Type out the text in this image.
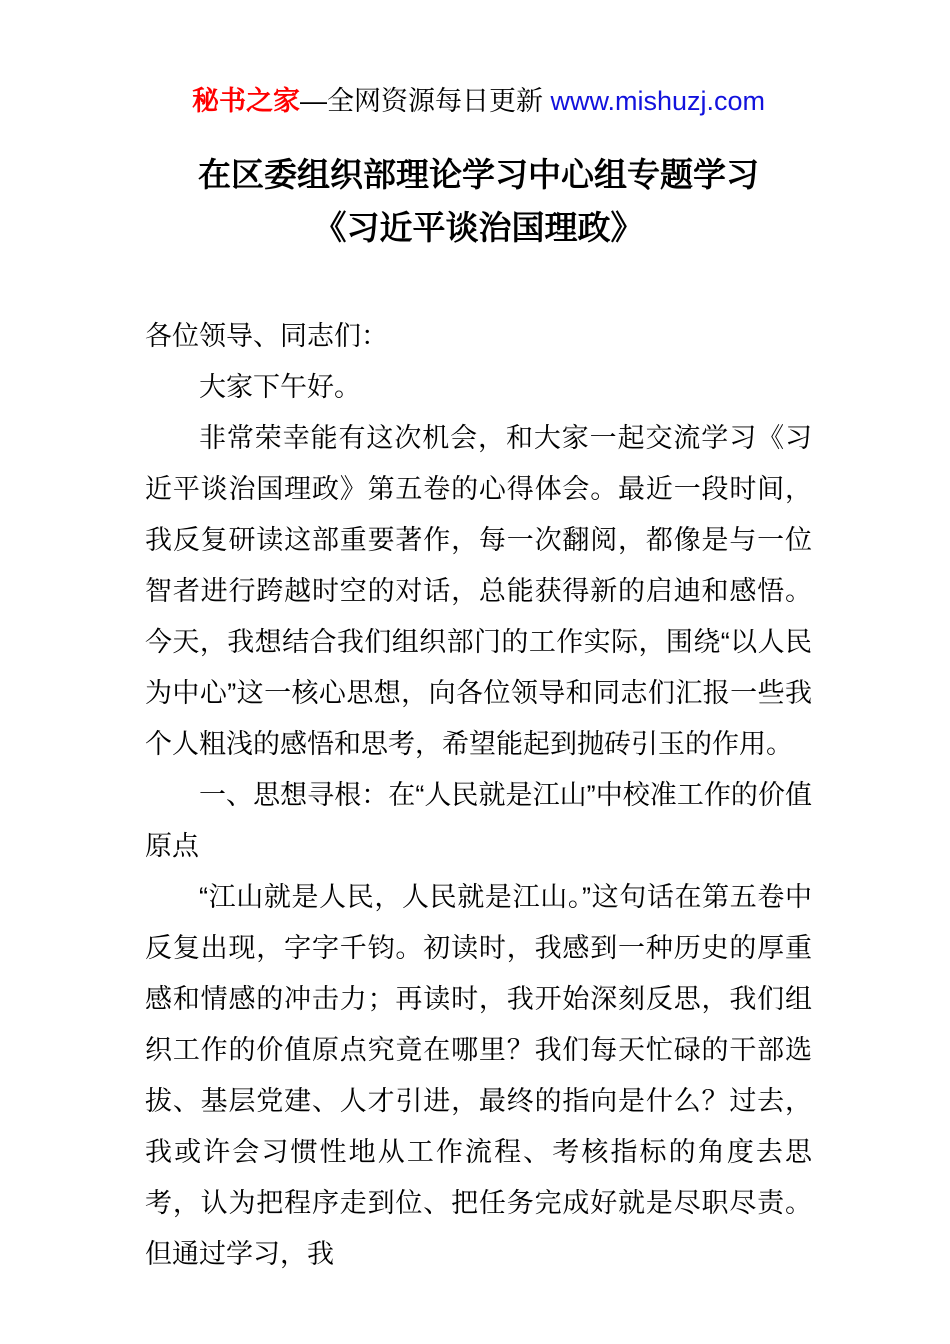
秘书之家—全网资源每日更新 www.mishuzj.com
在区委组织部理论学习中心组专题学习
《习近平谈治国理政》

各位领导、同志们：

大家下午好。

非常荣幸能有这次机会，和大家一起交流学习《习近平谈治国理政》第五卷的心得体会。最近一段时间，我反复研读这部重要著作，每一次翻阅，都像是与一位智者进行跨越时空的对话，总能获得新的启迪和感悟。今天，我想结合我们组织部门的工作实际，围绕“以人民为中心”这一核心思想，向各位领导和同志们汇报一些我个人粗浅的感悟和思考，希望能起到抛砖引玉的作用。

一、思想寻根：在“人民就是江山”中校准工作的价值原点

“江山就是人民，人民就是江山。”这句话在第五卷中反复出现，字字千钧。初读时，我感到一种历史的厚重感和情感的冲击力；再读时，我开始深刻反思，我们组织工作的价值原点究竟在哪里？我们每天忙碌的干部选拔、基层党建、人才引进，最终的指向是什么？过去，我或许会习惯性地从工作流程、考核指标的角度去思考，认为把程序走到位、把任务完成好就是尽职尽责。但通过学习，我
